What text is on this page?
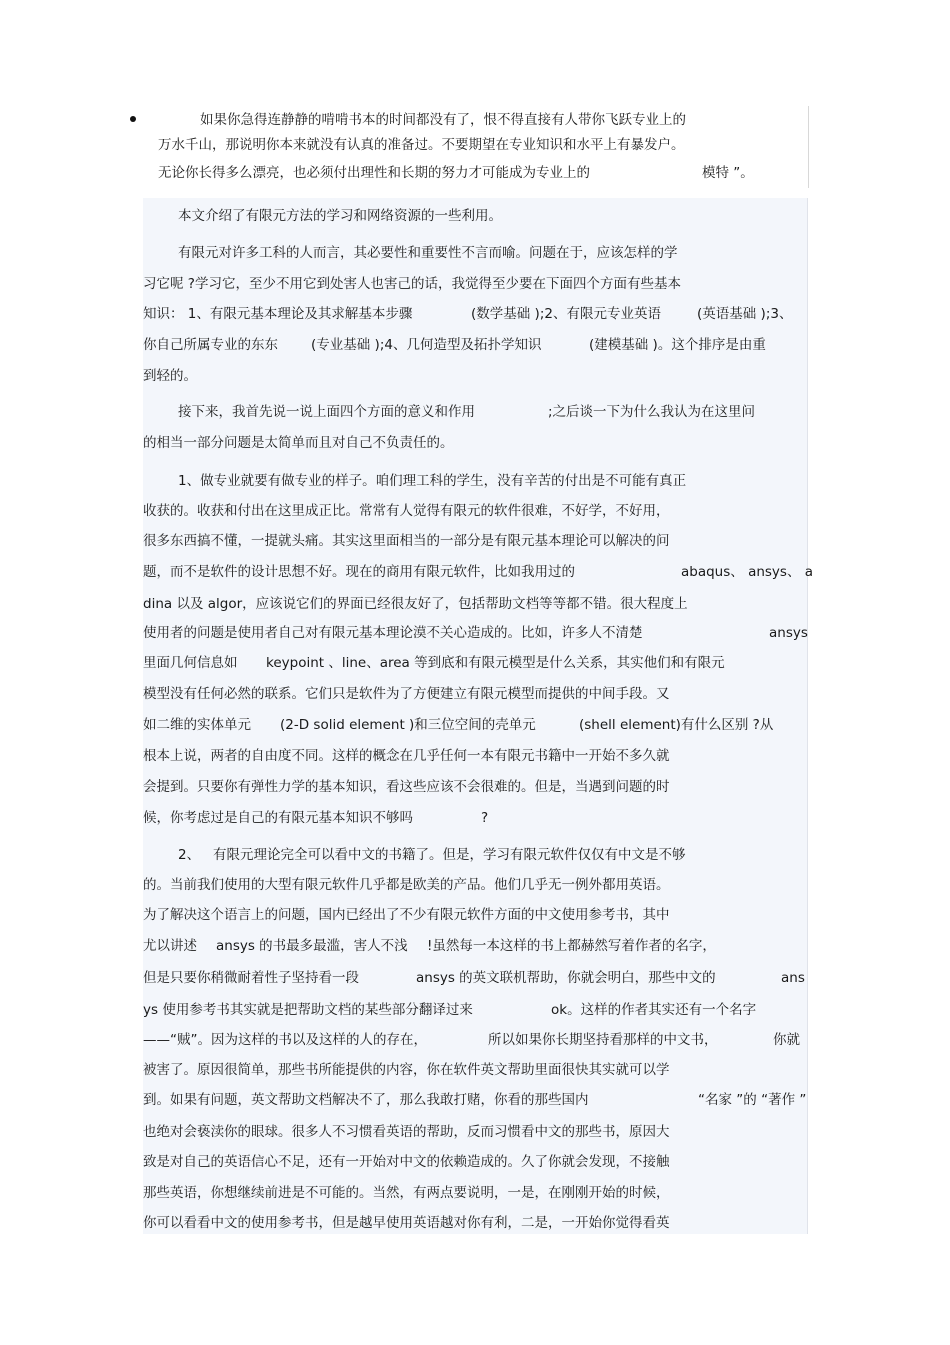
如果你急得连静静的啃啃书本的时间都没有了，恨不得直接有人带你飞跃专业上的
万水千山，那说明你本来就没有认真的准备过。不要期望在专业知识和水平上有暴发户。
无论你长得多么漂亮，也必须付出理性和长期的努力才可能成为专业上的	模特 ”。
本文介绍了有限元方法的学习和网络资源的一些利用。
有限元对许多工科的人而言，其必要性和重要性不言而喻。问题在于，应该怎样的学
习它呢 ?学习它，至少不用它到处害人也害己的话，我觉得至少要在下面四个方面有些基本
知识： 1、有限元基本理论及其求解基本步骤	(数学基础 );2、有限元专业英语	(英语基础 );3、
你自己所属专业的东东 (专业基础 );4、几何造型及拓扑学知识	(建模基础 )。这个排序是由重
到轻的。
接下来，我首先说一说上面四个方面的意义和作用	;之后谈一下为什么我认为在这里问
的相当一部分问题是太简单而且对自己不负责任的。
1、做专业就要有做专业的样子。咱们理工科的学生，没有辛苦的付出是不可能有真正
收获的。收获和付出在这里成正比。常常有人觉得有限元的软件很难，不好学，不好用，
很多东西搞不懂，一提就头痛。其实这里面相当的一部分是有限元基本理论可以解决的问
题，而不是软件的设计思想不好。现在的商用有限元软件，比如我用过的	abaqus、 ansys、 a
dina 以及 algor，应该说它们的界面已经很友好了，包括帮助文档等等都不错。很大程度上
使用者的问题是使用者自己对有限元基本理论漠不关心造成的。比如，许多人不清楚	ansys
里面几何信息如 keypoint 、line、area 等到底和有限元模型是什么关系，其实他们和有限元
模型没有任何必然的联系。它们只是软件为了方便建立有限元模型而提供的中间手段。又
如二维的实体单元 (2-D solid element )和三位空间的壳单元	(shell element)有什么区别 ?从
根本上说，两者的自由度不同。这样的概念在几乎任何一本有限元书籍中一开始不多久就
会提到。只要你有弹性力学的基本知识，看这些应该不会很难的。但是，当遇到问题的时
候，你考虑过是自己的有限元基本知识不够吗	?
2、 有限元理论完全可以看中文的书籍了。但是，学习有限元软件仅仅有中文是不够
的。当前我们使用的大型有限元软件几乎都是欧美的产品。他们几乎无一例外都用英语。
为了解决这个语言上的问题，国内已经出了不少有限元软件方面的中文使用参考书，其中
尤以讲述 ansys 的书最多最滥，害人不浅 !虽然每一本这样的书上都赫然写着作者的名字，
但是只要你稍微耐着性子坚持看一段	ansys 的英文联机帮助，你就会明白，那些中文的	ans
ys 使用参考书其实就是把帮助文档的某些部分翻译过来	ok。这样的作者其实还有一个名字
——“贼”。因为这样的书以及这样的人的存在，	所以如果你长期坚持看那样的中文书，	你就
被害了。原因很简单，那些书所能提供的内容，你在软件英文帮助里面很快其实就可以学
到。如果有问题，英文帮助文档解决不了，那么我敢打赌，你看的那些国内	“名家 ”的 “著作 ”
也绝对会亵渎你的眼球。很多人不习惯看英语的帮助，反而习惯看中文的那些书，原因大
致是对自己的英语信心不足，还有一开始对中文的依赖造成的。久了你就会发现，不接触
那些英语，你想继续前进是不可能的。当然，有两点要说明，一是，在刚刚开始的时候，
你可以看看中文的使用参考书，但是越早使用英语越对你有利，二是，一开始你觉得看英
